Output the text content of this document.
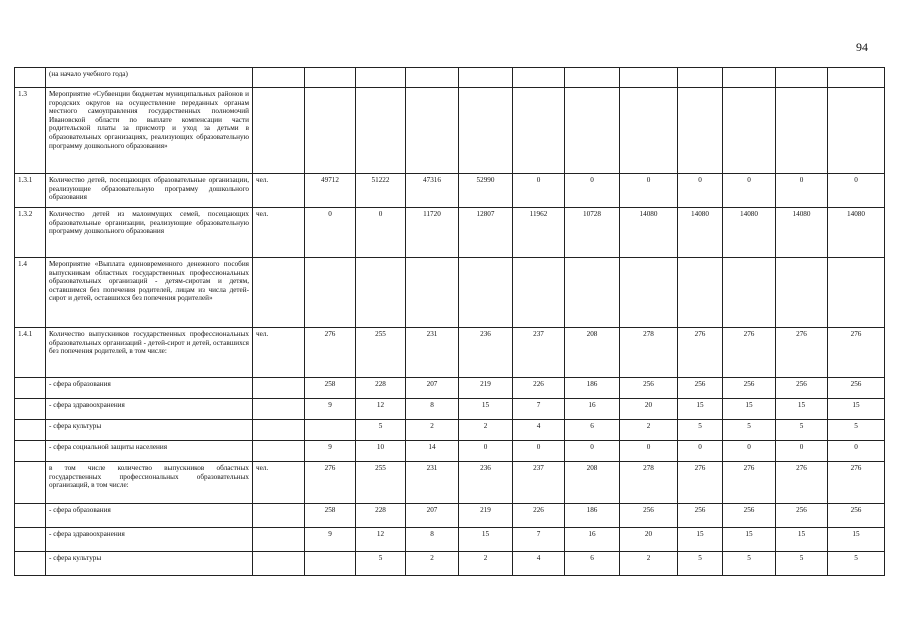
94
	(на начало учебного года)												
1.3	Мероприятие «Субвенции бюджетам муниципальных районов и городских округов на осуществление переданных органам местного самоуправления государственных полномочий Ивановской области по выплате компенсации части родительской платы за присмотр и уход за детьми в образовательных организациях, реализующих образовательную программу дошкольного образования»												
1.3.1	Количество детей, посещающих образовательные организации, реализующие образовательную программу дошкольного образования	чел.	49712	51222	47316	52990	0	0	0	0	0	0	0
1.3.2	Количество детей из малоимущих семей, посещающих образовательные организации, реализующие образовательную программу дошкольного образования	чел.	0	0	11720	12807	11962	10728	14080	14080	14080	14080	14080
1.4	Мероприятие «Выплата единовременного денежного пособия выпускникам областных государственных профессиональных образовательных организаций - детям-сиротам и детям, оставшимся без попечения родителей, лицам из числа детей-сирот и детей, оставшихся без попечения родителей»												
1.4.1	Количество выпускников государственных профессиональных образовательных организаций - детей-сирот и детей, оставшихся без попечения родителей, в том числе:	чел.	276	255	231	236	237	208	278	276	276	276	276
	- сфера образования		258	228	207	219	226	186	256	256	256	256	256
	- сфера здравоохранения		9	12	8	15	7	16	20	15	15	15	15
	- сфера культуры			5	2	2	4	6	2	5	5	5	5
	- сфера социальной защиты населения		9	10	14	0	0	0	0	0	0	0	0
	в том числе количество выпускников областных государственных профессиональных образовательных организаций, в том числе:	чел.	276	255	231	236	237	208	278	276	276	276	276
	- сфера образования		258	228	207	219	226	186	256	256	256	256	256
	- сфера здравоохранения		9	12	8	15	7	16	20	15	15	15	15
	- сфера культуры			5	2	2	4	6	2	5	5	5	5
